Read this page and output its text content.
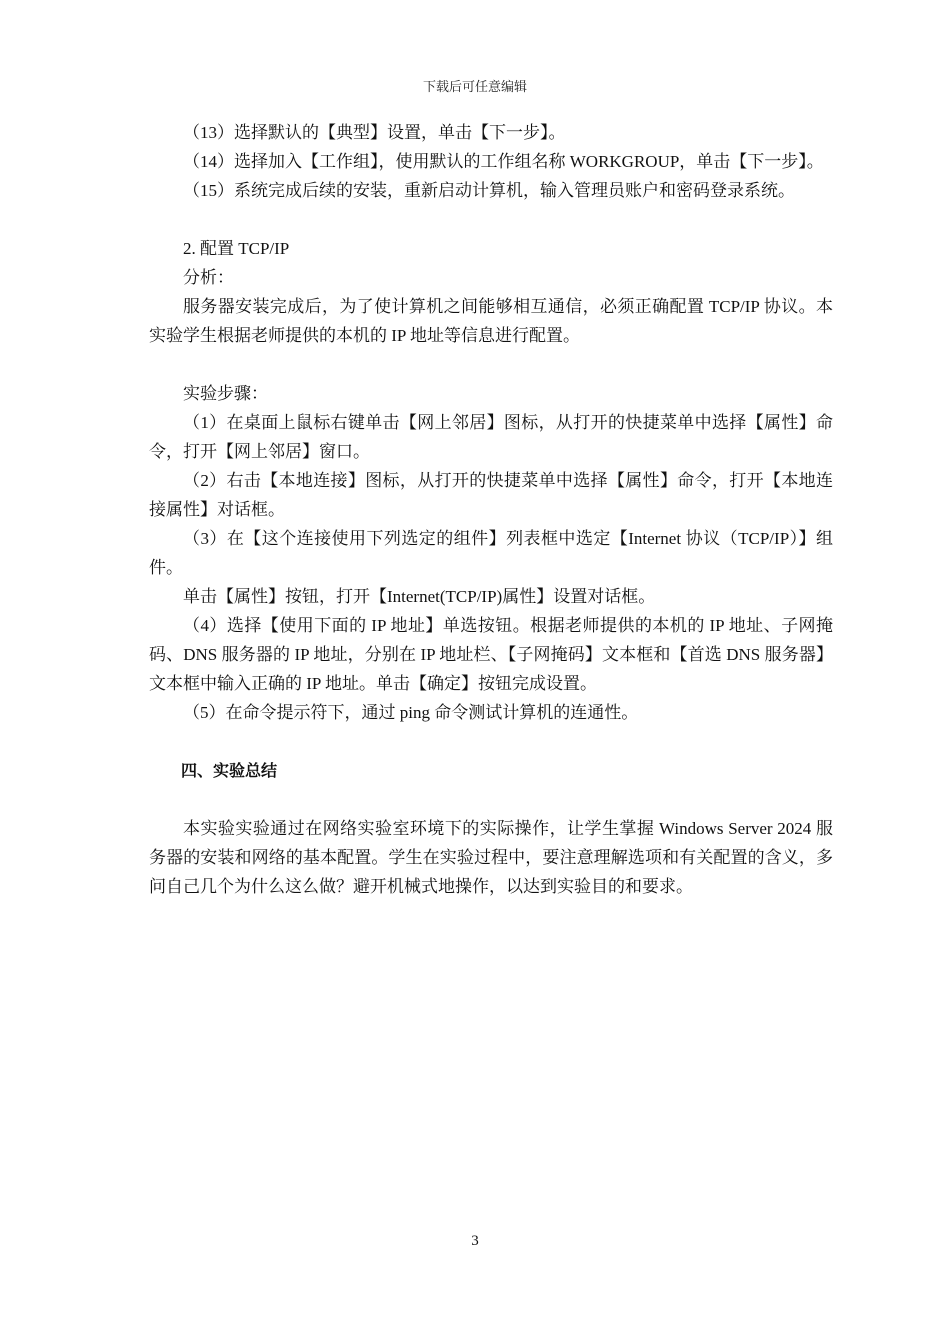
下载后可任意编辑

（13）选择默认的【典型】设置，单击【下一步】。

（14）选择加入【工作组】，使用默认的工作组名称 WORKGROUP，单击【下一步】。

（15）系统完成后续的安装，重新启动计算机，输入管理员账户和密码登录系统。

2. 配置 TCP/IP

分析：

服务器安装完成后，为了使计算机之间能够相互通信，必须正确配置 TCP/IP 协议。本实验学生根据老师提供的本机的 IP 地址等信息进行配置。

实验步骤：

（1）在桌面上鼠标右键单击【网上邻居】图标，从打开的快捷菜单中选择【属性】命令，打开【网上邻居】窗口。

（2）右击【本地连接】图标，从打开的快捷菜单中选择【属性】命令，打开【本地连接属性】对话框。

（3）在【这个连接使用下列选定的组件】列表框中选定【Internet 协议（TCP/IP）】组件。

单击【属性】按钮，打开【Internet(TCP/IP)属性】设置对话框。

（4）选择【使用下面的 IP 地址】单选按钮。根据老师提供的本机的 IP 地址、子网掩码、DNS 服务器的 IP 地址，分别在 IP 地址栏、【子网掩码】文本框和【首选 DNS 服务器】文本框中输入正确的 IP 地址。单击【确定】按钮完成设置。

（5）在命令提示符下，通过 ping 命令测试计算机的连通性。

四、实验总结

本实验实验通过在网络实验室环境下的实际操作，让学生掌握 Windows Server 2024 服务器的安装和网络的基本配置。学生在实验过程中，要注意理解选项和有关配置的含义，多问自己几个为什么这么做？避开机械式地操作，以达到实验目的和要求。

3
